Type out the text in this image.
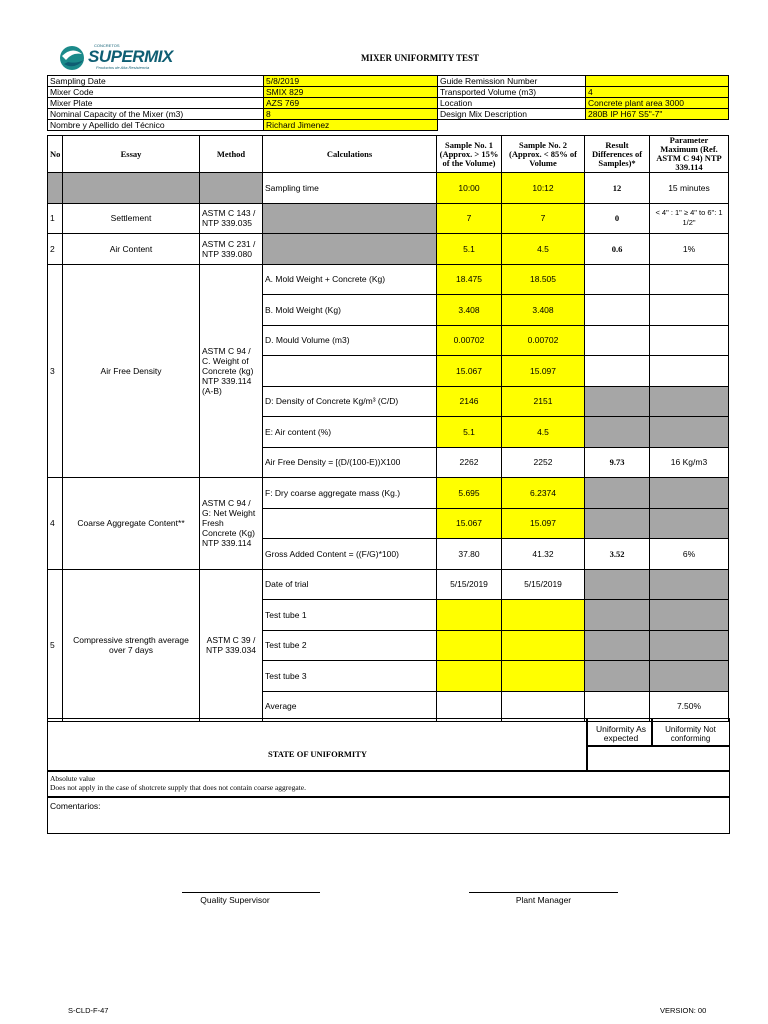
CONCRETOS
SUPERMIX
Productos de Alta Resistencia
MIXER UNIFORMITY TEST
Sampling Date	5/8/2019	Guide Remission Number	
Mixer Code	SMIX 829	Transported Volume (m3)	4
Mixer Plate	AZS 769	Location	Concrete plant area 3000
Nominal Capacity of the Mixer (m3)	8	Design Mix Description	280B IP H67 S5"-7"
Nombre y Apellido del Técnico	Richard Jimenez		
No	Essay	Method	Calculations	Sample No. 1 (Approx. > 15% of the Volume)	Sample No. 2 (Approx. < 85% of Volume	Result Differences of Samples)*	Parameter Maximum (Ref. ASTM C 94) NTP 339.114
			Sampling time	10:00	10:12	12	15 minutes
1	Settlement	ASTM C 143 / NTP 339.035		7	7	0	< 4" : 1" ≥ 4" to 6": 1 1/2"
2	Air Content	ASTM C 231 / NTP 339.080		5.1	4.5	0.6	1%
3	Air Free Density	ASTM C 94 / C. Weight of Concrete (kg) NTP 339.114 (A-B)	A. Mold Weight + Concrete (Kg)	18.475	18.505		
			B. Mold Weight (Kg)	3.408	3.408		
			D. Mould Volume (m3)	0.00702	0.00702		
				15.067	15.097		
			D: Density of Concrete Kg/m³ (C/D)	2146	2151		
			E: Air content (%)	5.1	4.5		
			Air Free Density = [(D/(100-E))X100	2262	2252	9.73	16 Kg/m3
4	Coarse Aggregate Content**	ASTM C 94 / G: Net Weight Fresh Concrete (Kg) NTP 339.114	F: Dry coarse aggregate mass (Kg.)	5.695	6.2374		
				15.067	15.097		
			Gross Added Content = ((F/G)*100)	37.80	41.32	3.52	6%
5	Compressive strength average over 7 days	ASTM C 39 / NTP 339.034	Date of trial	5/15/2019	5/15/2019		
			Test tube 1				
			Test tube 2				
			Test tube 3				
			Average				7.50%
STATE OF UNIFORMITY
Uniformity As expected
Uniformity Not conforming
Absolute value
Does not apply in the case of shotcrete supply that does not contain coarse aggregate.
Comentarios:
Quality Supervisor	Plant Manager
S-CLD-F-47	VERSION: 00
